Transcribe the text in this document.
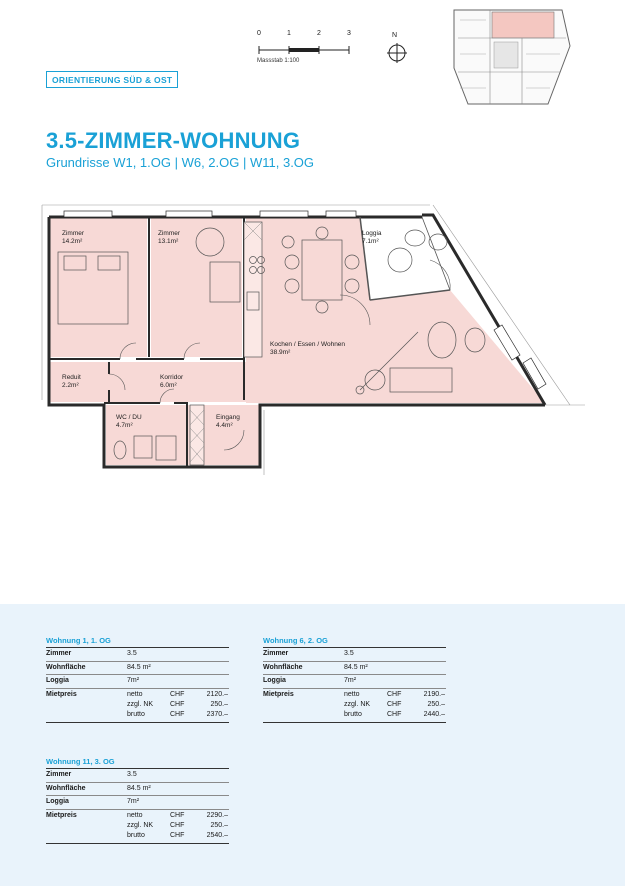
0	1	2	3
Massstab 1:100
N
ORIENTIERUNG SÜD & OST
3.5-ZIMMER-WOHNUNG
Grundrisse W1, 1.OG | W6, 2.OG | W11, 3.OG
Zimmer
14.2m²
Zimmer
13.1m²
Loggia
7.1m²
Kochen / Essen / Wohnen
38.9m²
Reduit
2.2m²
Korridor
6.0m²
WC / DU
4.7m²
Eingang
4.4m²
Wohnung 1, 1. OG
Zimmer	3.5
Wohnfläche	84.5 m²
Loggia	7m²
Mietpreis	netto	CHF	2120.–
zzgl. NK	CHF	250.–
brutto	CHF	2370.–
Wohnung 6, 2. OG
Zimmer	3.5
Wohnfläche	84.5 m²
Loggia	7m²
Mietpreis	netto	CHF	2190.–
zzgl. NK	CHF	250.–
brutto	CHF	2440.–
Wohnung 11, 3. OG
Zimmer	3.5
Wohnfläche	84.5 m²
Loggia	7m²
Mietpreis	netto	CHF	2290.–
zzgl. NK	CHF	250.–
brutto	CHF	2540.–
